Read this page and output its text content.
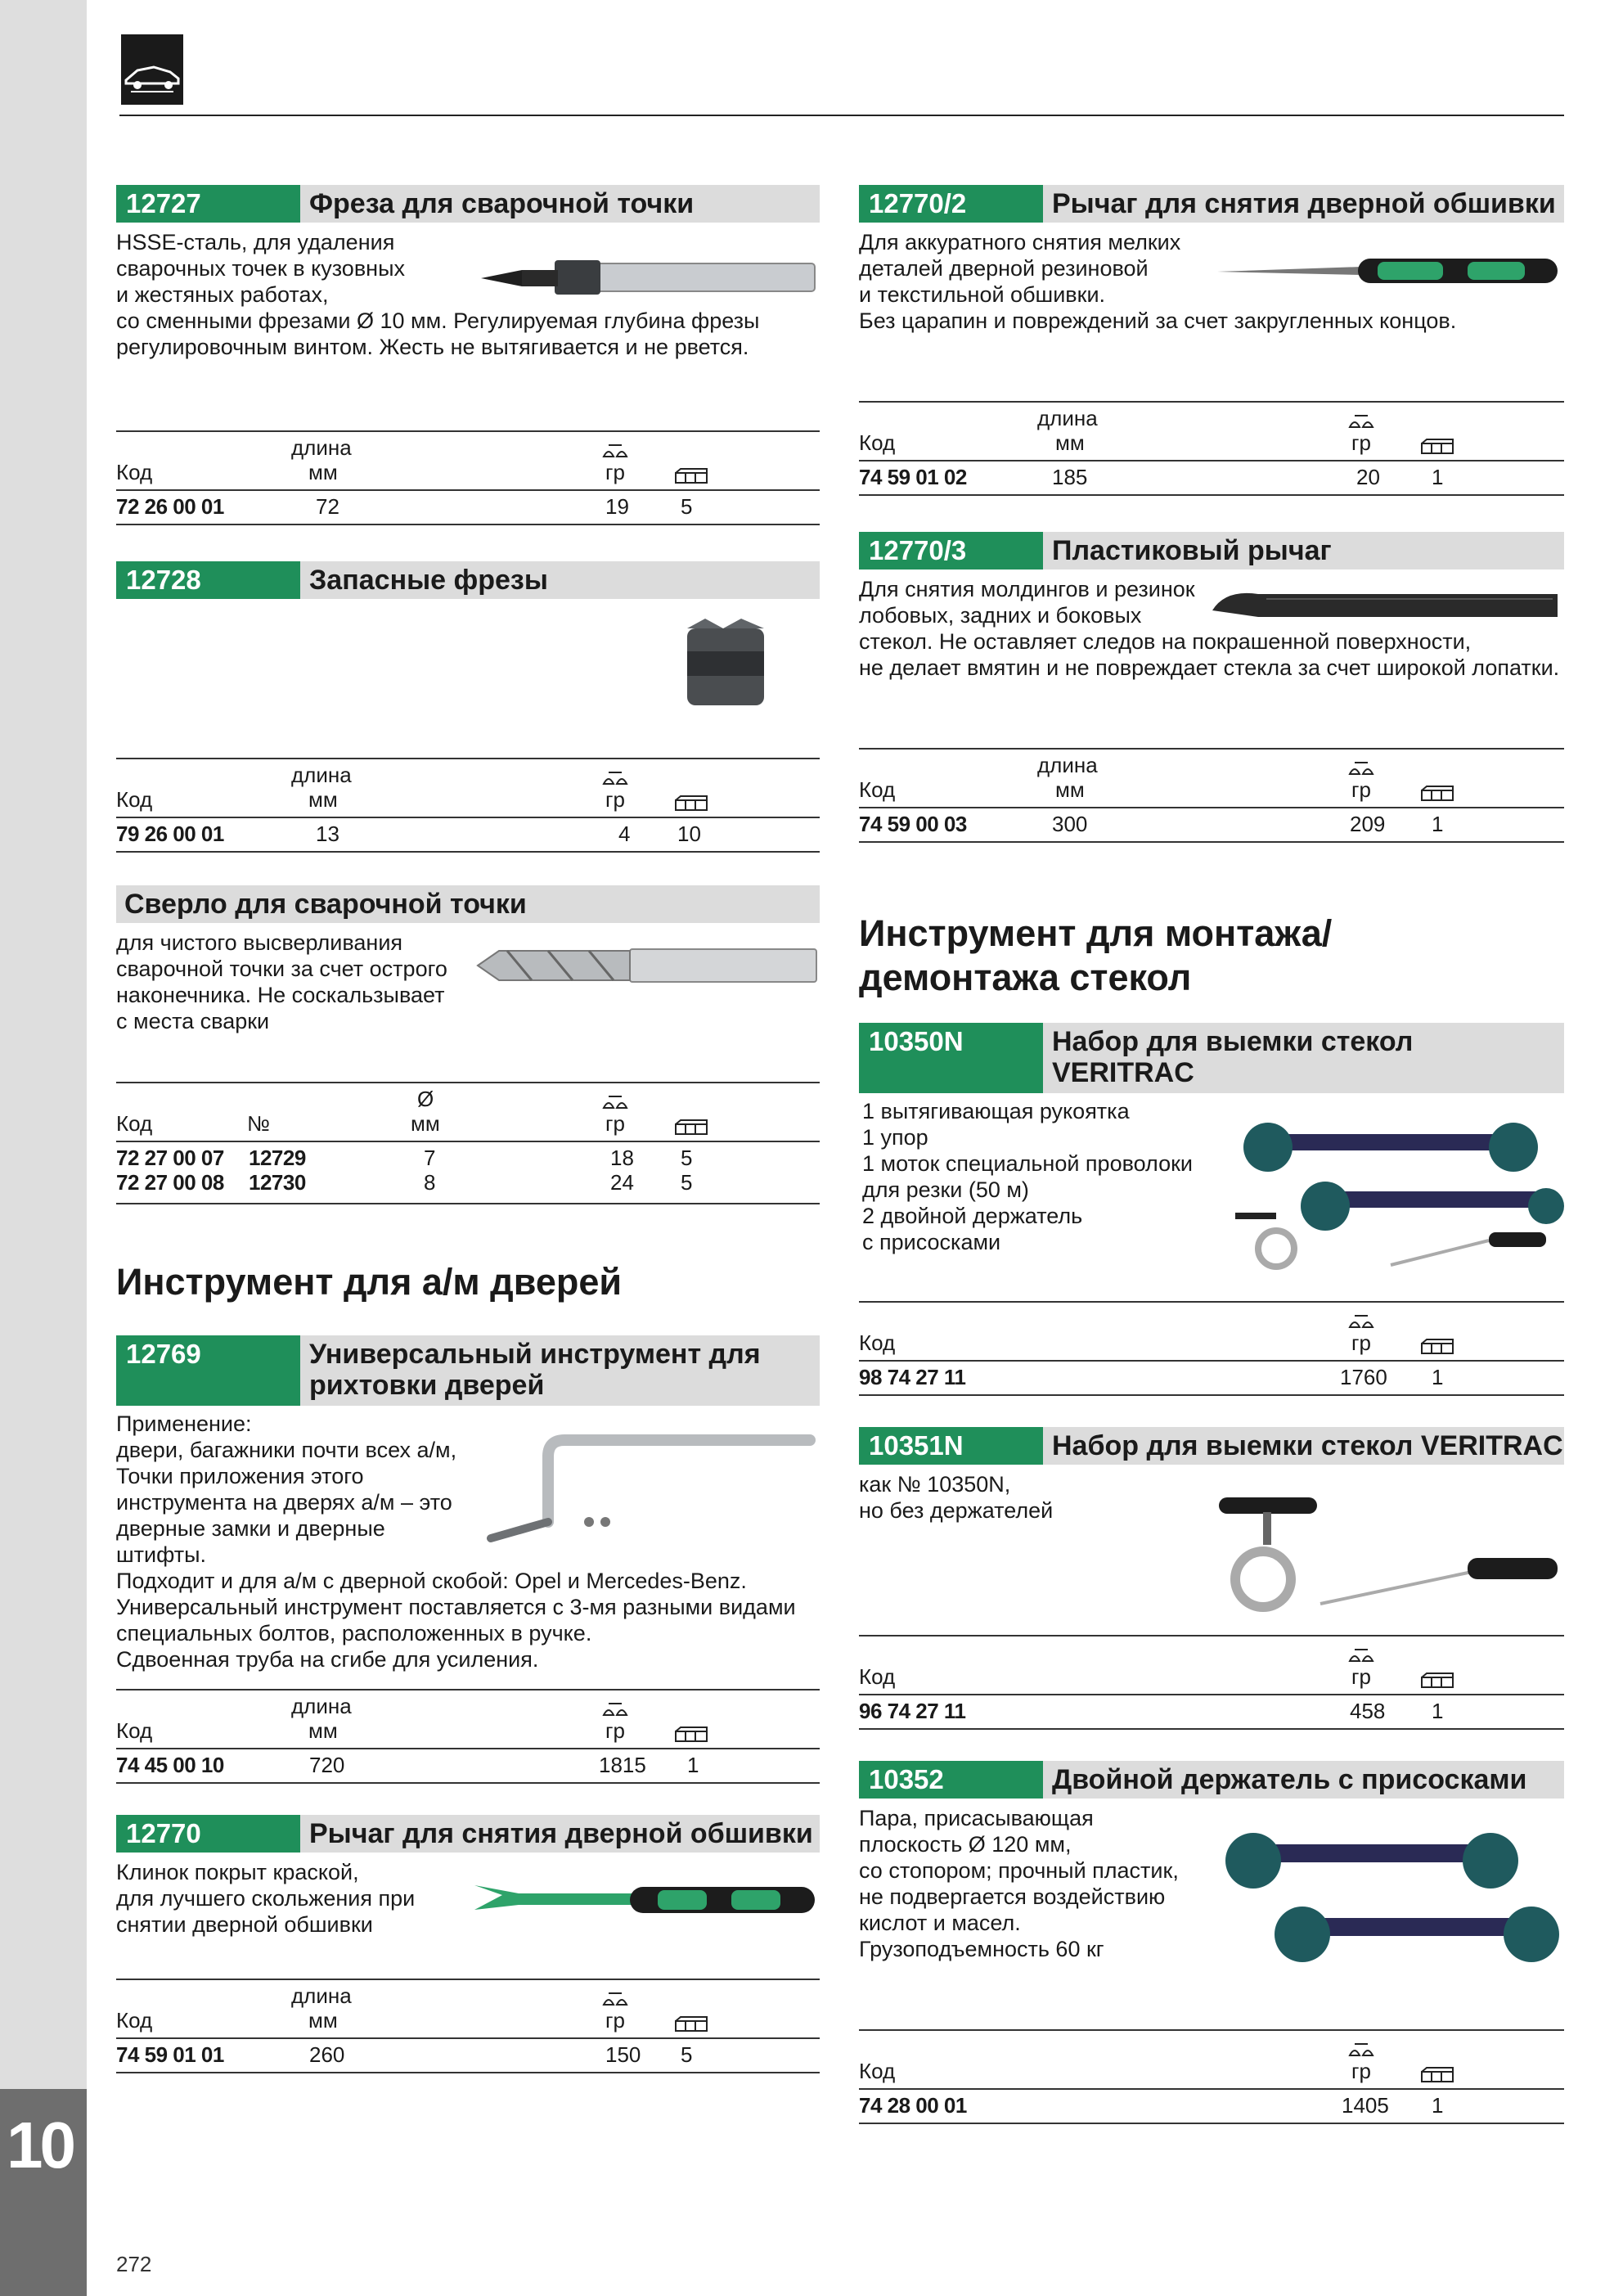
10
12727	Фреза для сварочной точки
HSSE-сталь, для удаления
сварочных точек в кузовных
и жестяных работах,
со сменными фрезами Ø 10 мм. Регулируемая глубина фрезы
регулировочным винтом. Жесть не вытягивается и не рвется.
длина
Код	мм	гр
72 26 00 01	72	19 5
12728	Запасные фрезы
длина
Код	мм	гр
79 26 00 01	13	4 10
Сверло для сварочной точки
для чистого высверливания
сварочной точки за счет острого
наконечника. Не соскальзывает
с места сварки
Ø
Код	№	мм	гр
72 27 00 07 12729	7	18 5
72 27 00 08 12730	8	24 5
Инструмент для а/м дверей
12769	Универсальный инструмент для рихтовки дверей
Применение:
двери, багажники почти всех а/м,
Точки приложения этого
инструмента на дверях а/м – это
дверные замки и дверные
штифты.
Подходит и для а/м с дверной скобой: Opel и Mercedes-Benz.
Универсальный инструмент поставляется с 3-мя разными видами
специальных болтов, расположенных в ручке.
Сдвоенная труба на сгибе для усиления.
длина
Код	мм	гр
74 45 00 10	720	1815 1
12770	Рычаг для снятия дверной обшивки
Клинок покрыт краской,
для лучшего скольжения при
снятии дверной обшивки
длина
Код	мм	гр
74 59 01 01	260	150 5
12770/2	Рычаг для снятия дверной обшивки
Для аккуратного снятия мелких
деталей дверной резиновой
и текстильной обшивки.
Без царапин и повреждений за счет закругленных концов.
длина
Код	мм	гр
74 59 01 02	185	20 1
12770/3	Пластиковый рычаг
Для снятия молдингов и резинок
лобовых, задних и боковых
стекол. Не оставляет следов на покрашенной поверхности,
не делает вмятин и не повреждает стекла за счет широкой лопатки.
длина
Код	мм	гр
74 59 00 03	300	209 1
Инструмент для монтажа/
демонтажа стекол
10350N	Набор для выемки стекол VERITRAC
1 вытягивающая рукоятка
1 упор
1 моток специальной проволоки
для резки (50 м)
2 двойной держатель
с присосками
Код	гр
98 74 27 11	1760 1
10351N	Набор для выемки стекол VERITRAC
как № 10350N,
но без держателей
Код	гр
96 74 27 11	458 1
10352	Двойной держатель с присосками
Пара, присасывающая
плоскость Ø 120 мм,
со стопором; прочный пластик,
не подвергается воздействию
кислот и масел.
Грузоподъемность 60 кг
Код	гр
74 28 00 01	1405 1
272
